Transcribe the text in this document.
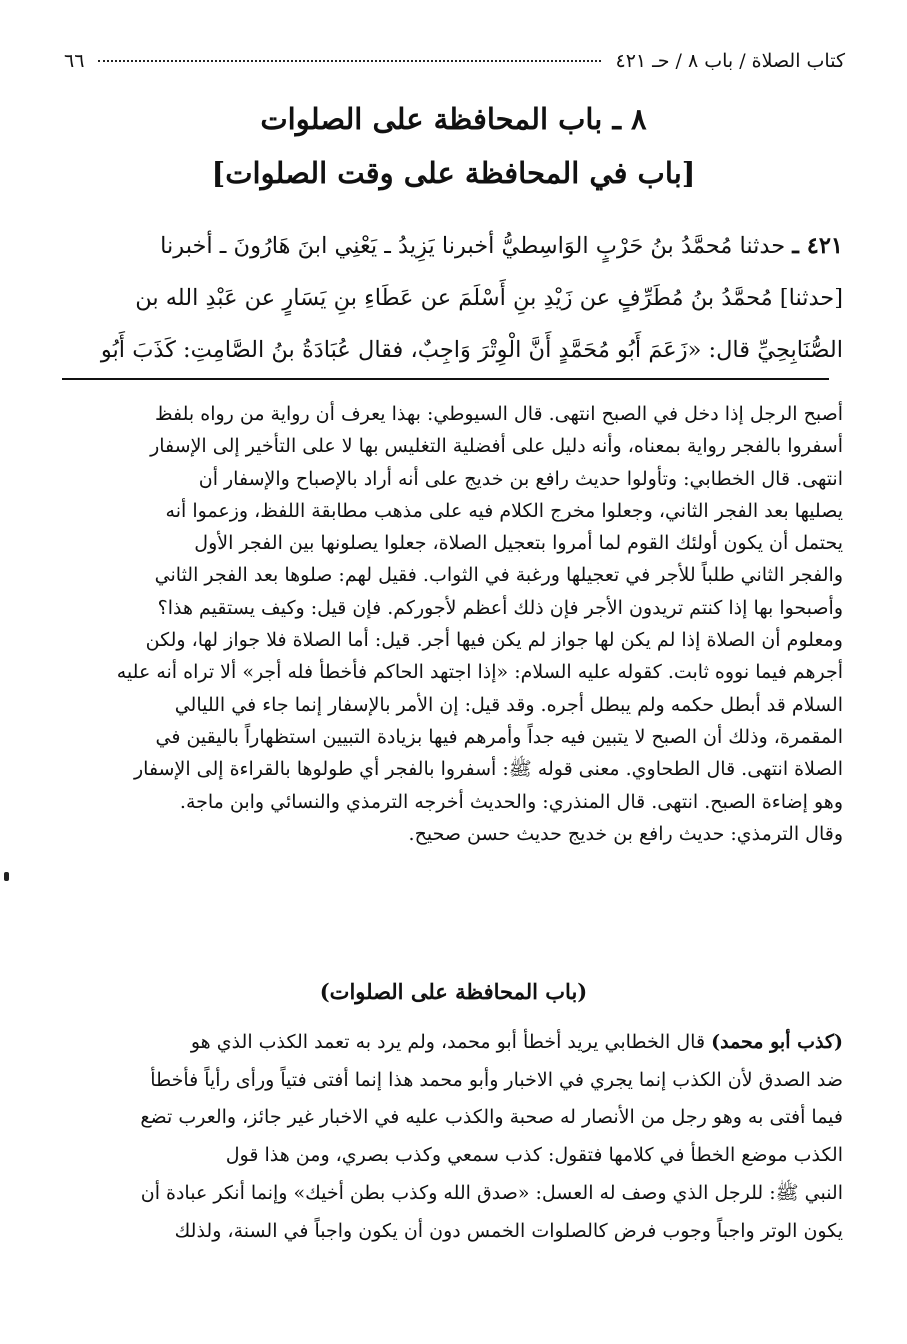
كتاب الصلاة / باب ٨ / حـ ٤٢١
٦٦
٨ ـ باب المحافظة على الصلوات
[باب في المحافظة على وقت الصلوات]
٤٢١ ـ حدثنا مُحمَّدُ بنُ حَرْبٍ الوَاسِطيُّ أخبرنا يَزِيدُ ـ يَعْنِي ابنَ هَارُونَ ـ أخبرنا
[حدثنا] مُحمَّدُ بنُ مُطَرِّفٍ عن زَيْدِ بنِ أَسْلَمَ عن عَطَاءِ بنِ يَسَارٍ عن عَبْدِ الله بن
الصُّنَابِحِيِّ قال: «زَعَمَ أَبُو مُحَمَّدٍ أَنَّ الْوِتْرَ وَاجِبٌ، فقال عُبَادَةُ بنُ الصَّامِتِ: كَذَبَ أَبُو
أصبح الرجل إذا دخل في الصبح انتهى. قال السيوطي: بهذا يعرف أن رواية من رواه بلفظ
أسفروا بالفجر رواية بمعناه، وأنه دليل على أفضلية التغليس بها لا على التأخير إلى الإسفار
انتهى. قال الخطابي: وتأولوا حديث رافع بن خديج على أنه أراد بالإصباح والإسفار أن
يصليها بعد الفجر الثاني، وجعلوا مخرج الكلام فيه على مذهب مطابقة اللفظ، وزعموا أنه
يحتمل أن يكون أولئك القوم لما أمروا بتعجيل الصلاة، جعلوا يصلونها بين الفجر الأول
والفجر الثاني طلباً للأجر في تعجيلها ورغبة في الثواب. فقيل لهم: صلوها بعد الفجر الثاني
وأصبحوا بها إذا كنتم تريدون الأجر فإن ذلك أعظم لأجوركم. فإن قيل: وكيف يستقيم هذا؟
ومعلوم أن الصلاة إذا لم يكن لها جواز لم يكن فيها أجر. قيل: أما الصلاة فلا جواز لها، ولكن
أجرهم فيما نووه ثابت. كقوله عليه السلام: «إذا اجتهد الحاكم فأخطأ فله أجر» ألا تراه أنه عليه
السلام قد أبطل حكمه ولم يبطل أجره. وقد قيل: إن الأمر بالإسفار إنما جاء في الليالي
المقمرة، وذلك أن الصبح لا يتبين فيه جداً وأمرهم فيها بزيادة التبيين استظهاراً باليقين في
الصلاة انتهى. قال الطحاوي. معنى قوله ﷺ: أسفروا بالفجر أي طولوها بالقراءة إلى الإسفار
وهو إضاءة الصبح. انتهى. قال المنذري: والحديث أخرجه الترمذي والنسائي وابن ماجة.
وقال الترمذي: حديث رافع بن خديج حديث حسن صحيح.
(باب المحافظة على الصلوات)
(كذب أبو محمد) قال الخطابي يريد أخطأ أبو محمد، ولم يرد به تعمد الكذب الذي هو
ضد الصدق لأن الكذب إنما يجري في الاخبار وأبو محمد هذا إنما أفتى فتياً ورأى رأياً فأخطأ
فيما أفتى به وهو رجل من الأنصار له صحبة والكذب عليه في الاخبار غير جائز، والعرب تضع
الكذب موضع الخطأ في كلامها فتقول: كذب سمعي وكذب بصري، ومن هذا قول
النبي ﷺ: للرجل الذي وصف له العسل: «صدق الله وكذب بطن أخيك» وإنما أنكر عبادة أن
يكون الوتر واجباً وجوب فرض كالصلوات الخمس دون أن يكون واجباً في السنة، ولذلك
